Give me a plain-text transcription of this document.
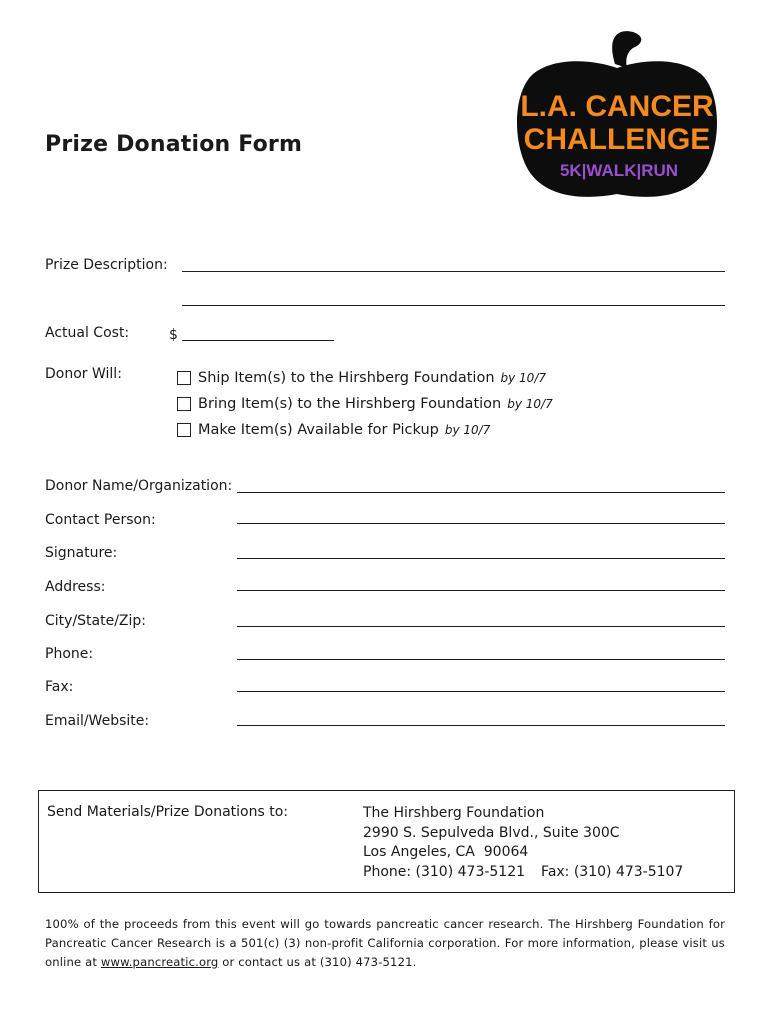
L.A. CANCER
CHALLENGE
5K|WALK|RUN
Prize Donation Form
Prize Description:
Actual Cost:	$
Donor Will:	Ship Item(s) to the Hirshberg Foundation by 10/7
Bring Item(s) to the Hirshberg Foundation by 10/7
Make Item(s) Available for Pickup by 10/7
Donor Name/Organization:
Contact Person:
Signature:
Address:
City/State/Zip:
Phone:
Fax:
Email/Website:
Send Materials/Prize Donations to:	The Hirshberg Foundation
2990 S. Sepulveda Blvd., Suite 300C
Los Angeles, CA  90064
Phone: (310) 473-5121 Fax: (310) 473-5107
100% of the proceeds from this event will go towards pancreatic cancer research. The Hirshberg Foundation for Pancreatic Cancer Research is a 501(c) (3) non-profit California corporation. For more information, please visit us online at www.pancreatic.org or contact us at (310) 473-5121.
